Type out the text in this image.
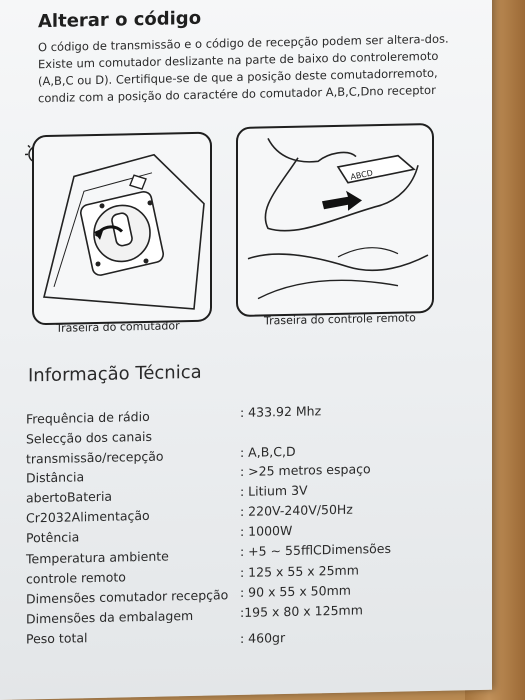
Alterar o código

O código de transmissão e o código de recepção podem ser altera-dos. Existe um comutador deslizante na parte de baixo do controleremoto (A,B,C ou D). Certifique-se de que a posição deste comutadorremoto, condiz com a posição do caractére do comutador A,B,C,Dno receptor

Traseira do comutador
ABCD
Traseira do controle remoto
Informação Técnica
Frequência de rádio	: 433.92 Mhz
Selecção dos canais
transmissão/recepção	: A,B,C,D
Distância	: >25 metros espaço
abertoBateria	: Litium 3V
Cr2032Alimentação	: 220V-240V/50Hz
Potência	: 1000W
Temperatura ambiente	: +5 ~ 55ﬄCDimensões
controle remoto	: 125 x 55 x 25mm
Dimensões comutador recepção : 90 x 55 x 50mm
Dimensões da embalagem	:195 x 80 x 125mm
Peso total	: 460gr
